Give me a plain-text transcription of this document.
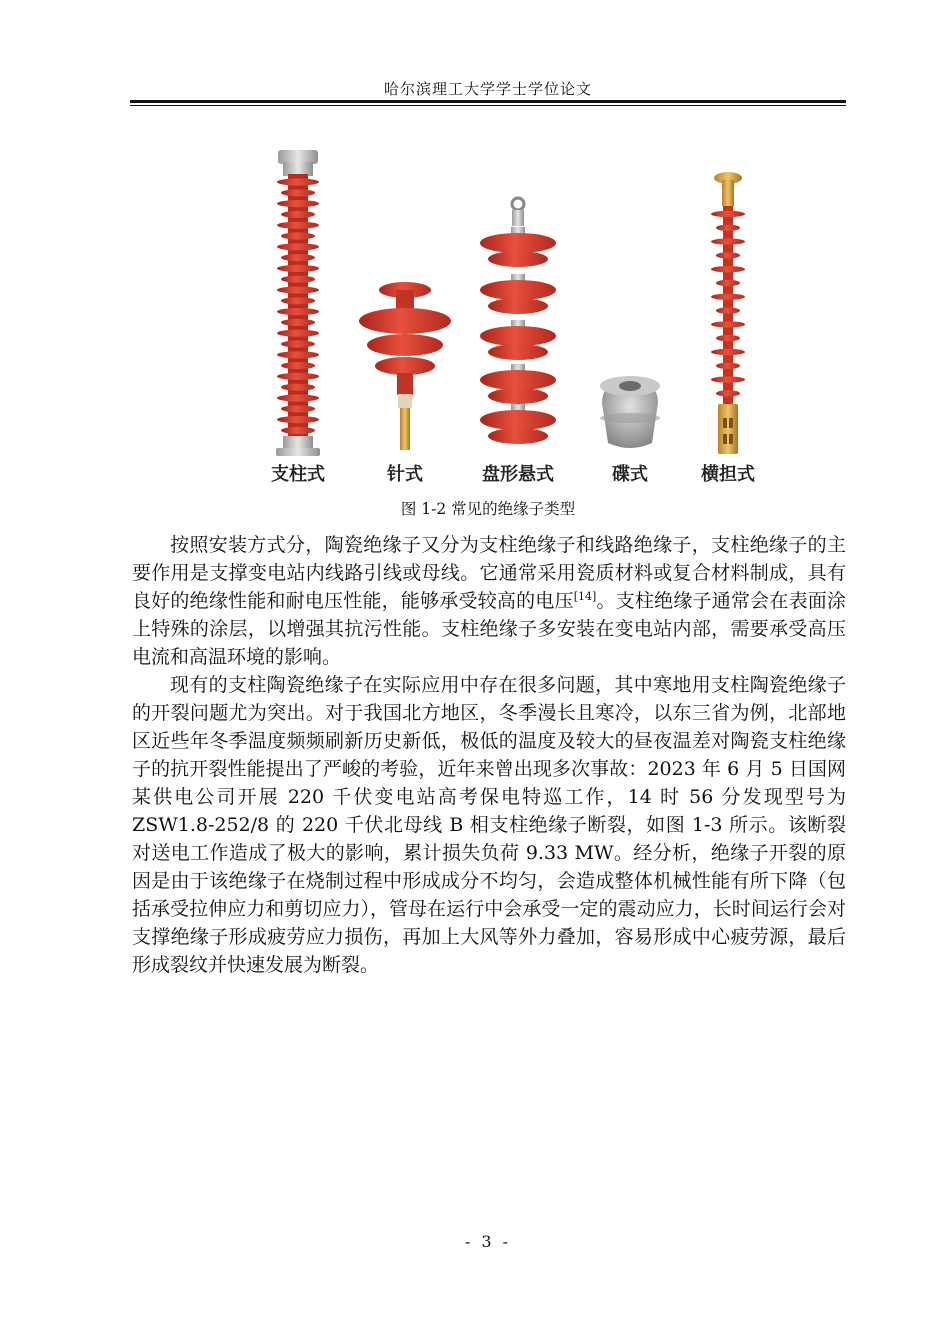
哈尔滨理工大学学士学位论文
支柱式	针式	盘形悬式	碟式	横担式
图 1-2 常见的绝缘子类型

按照安装方式分，陶瓷绝缘子又分为支柱绝缘子和线路绝缘子，支柱绝缘子的主要作用是支撑变电站内线路引线或母线。它通常采用瓷质材料或复合材料制成，具有良好的绝缘性能和耐电压性能，能够承受较高的电压[14]。支柱绝缘子通常会在表面涂上特殊的涂层，以增强其抗污性能。支柱绝缘子多安装在变电站内部，需要承受高压电流和高温环境的影响。

现有的支柱陶瓷绝缘子在实际应用中存在很多问题，其中寒地用支柱陶瓷绝缘子的开裂问题尤为突出。对于我国北方地区，冬季漫长且寒冷，以东三省为例，北部地区近些年冬季温度频频刷新历史新低，极低的温度及较大的昼夜温差对陶瓷支柱绝缘子的抗开裂性能提出了严峻的考验，近年来曾出现多次事故：2023 年 6 月 5 日国网某供电公司开展 220 千伏变电站高考保电特巡工作，14 时 56 分发现型号为 ZSW1.8-252/8 的 220 千伏北母线 B 相支柱绝缘子断裂，如图 1-3 所示。该断裂对送电工作造成了极大的影响，累计损失负荷 9.33 MW。经分析，绝缘子开裂的原因是由于该绝缘子在烧制过程中形成成分不均匀，会造成整体机械性能有所下降（包括承受拉伸应力和剪切应力），管母在运行中会承受一定的震动应力，长时间运行会对支撑绝缘子形成疲劳应力损伤，再加上大风等外力叠加，容易形成中心疲劳源，最后形成裂纹并快速发展为断裂。

- 3 -
